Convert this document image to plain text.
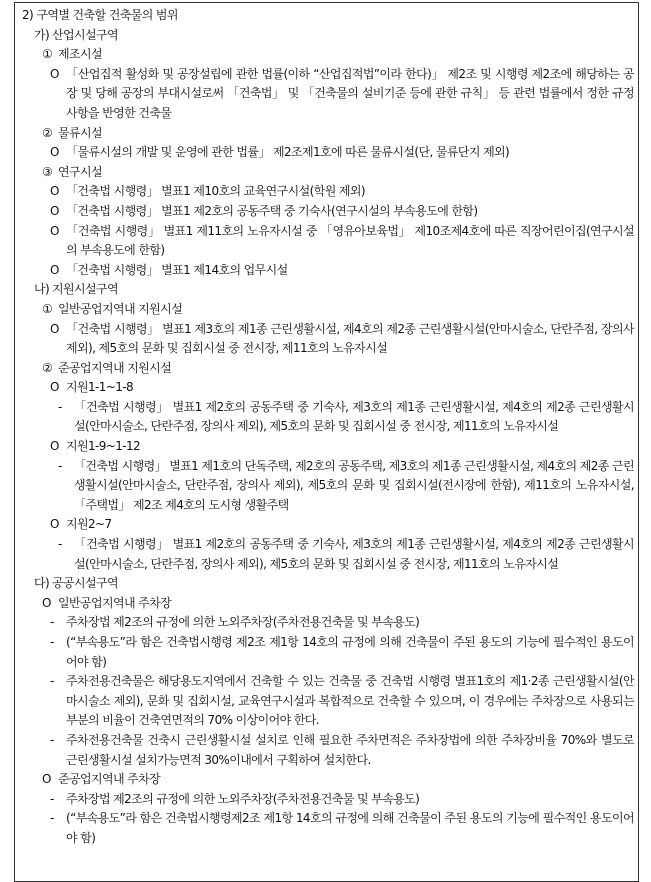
2) 구역별 건축할 건축물의 범위
가) 산업시설구역
① 제조시설
O 「산업집적 활성화 및 공장설립에 관한 법률(이하 “산업집적법”이라 한다)」 제2조 및 시행령 제2조에 해당하는 공장 및 당해 공장의 부대시설로써 「건축법」 및 「건축물의 설비기준 등에 관한 규칙」 등 관련 법률에서 정한 규정사항을 반영한 건축물
② 물류시설
O 「물류시설의 개발 및 운영에 관한 법률」 제2조제1호에 따른 물류시설(단, 물류단지 제외)
③ 연구시설
O 「건축법 시행령」 별표1 제10호의 교육연구시설(학원 제외)
O 「건축법 시행령」 별표1 제2호의 공동주택 중 기숙사(연구시설의 부속용도에 한함)
O 「건축법 시행령」 별표1 제11호의 노유자시설 중 「영유아보육법」 제10조제4호에 따른 직장어린이집(연구시설의 부속용도에 한함)
O 「건축법 시행령」 별표1 제14호의 업무시설
나) 지원시설구역
① 일반공업지역내 지원시설
O 「건축법 시행령」 별표1 제3호의 제1종 근린생활시설, 제4호의 제2종 근린생활시설(안마시술소, 단란주점, 장의사 제외), 제5호의 문화 및 집회시설 중 전시장, 제11호의 노유자시설
② 준공업지역내 지원시설
O 지원1-1~1-8
-	「건축법 시행령」 별표1 제2호의 공동주택 중 기숙사, 제3호의 제1종 근린생활시설, 제4호의 제2종 근린생활시설(안마시술소, 단란주점, 장의사 제외), 제5호의 문화 및 집회시설 중 전시장, 제11호의 노유자시설
O 지원1-9~1-12
-	「건축법 시행령」 별표1 제1호의 단독주택, 제2호의 공동주택, 제3호의 제1종 근린생활시설, 제4호의 제2종 근린생활시설(안마시술소, 단란주점, 장의사 제외), 제5호의 문화 및 집회시설(전시장에 한함), 제11호의 노유자시설, 「주택법」 제2조 제4호의 도시형 생활주택
O 지원2~7
-	「건축법 시행령」 별표1 제2호의 공동주택 중 기숙사, 제3호의 제1종 근린생활시설, 제4호의 제2종 근린생활시설(안마시술소, 단란주점, 장의사 제외), 제5호의 문화 및 집회시설 중 전시장, 제11호의 노유자시설
다) 공공시설구역
O 일반공업지역내 주차장
-	주차장법 제2조의 규정에 의한 노외주차장(주차전용건축물 및 부속용도)
-	(“부속용도”라 함은 건축법시행령 제2조 제1항 14호의 규정에 의해 건축물이 주된 용도의 기능에 필수적인 용도이어야 함)
-	주차전용건축물은 해당용도지역에서 건축할 수 있는 건축물 중 건축법 시행령 별표1호의 제1·2종 근린생활시설(안마시술소 제외), 문화 및 집회시설, 교육연구시설과 복합적으로 건축할 수 있으며, 이 경우에는 주차장으로 사용되는 부분의 비율이 건축연면적의 70% 이상이어야 한다.
-	주차전용건축물 건축시 근린생활시설 설치로 인해 필요한 주차면적은 주차장법에 의한 주차장비율 70%와 별도로 근린생활시설 설치가능면적 30%이내에서 구획하여 설치한다.
O 준공업지역내 주차장
-	주차장법 제2조의 규정에 의한 노외주차장(주차전용건축물 및 부속용도)
-	(“부속용도”라 함은 건축법시행령제2조 제1항 14호의 규정에 의해 건축물이 주된 용도의 기능에 필수적인 용도이어야 함)
